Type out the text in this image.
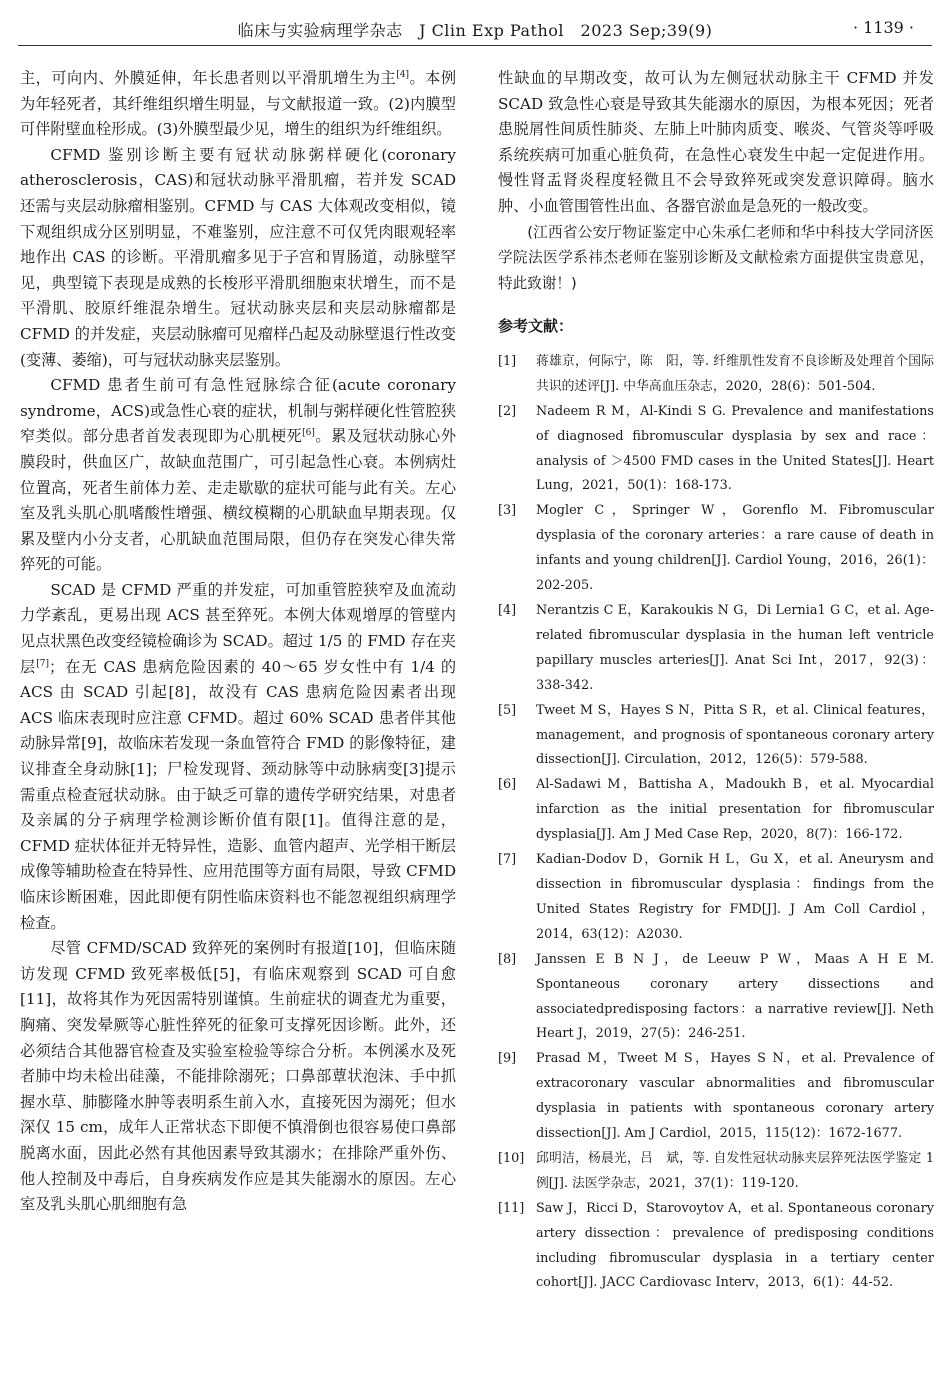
临床与实验病理学杂志　J Clin Exp Pathol　2023 Sep;39(9)	· 1139 ·

主，可向内、外膜延伸，年长患者则以平滑肌增生为主[4]。本例为年轻死者，其纤维组织增生明显，与文献报道一致。(2)内膜型可伴附壁血栓形成。(3)外膜型最少见，增生的组织为纤维组织。

CFMD 鉴别诊断主要有冠状动脉粥样硬化(coronary atherosclerosis，CAS)和冠状动脉平滑肌瘤，若并发 SCAD 还需与夹层动脉瘤相鉴别。CFMD 与 CAS 大体观改变相似，镜下观组织成分区别明显，不难鉴别，应注意不可仅凭肉眼观轻率地作出 CAS 的诊断。平滑肌瘤多见于子宫和胃肠道，动脉壁罕见，典型镜下表现是成熟的长梭形平滑肌细胞束状增生，而不是平滑肌、胶原纤维混杂增生。冠状动脉夹层和夹层动脉瘤都是 CFMD 的并发症，夹层动脉瘤可见瘤样凸起及动脉壁退行性改变(变薄、萎缩)，可与冠状动脉夹层鉴别。

CFMD 患者生前可有急性冠脉综合征(acute coronary syndrome，ACS)或急性心衰的症状，机制与粥样硬化性管腔狭窄类似。部分患者首发表现即为心肌梗死[6]。累及冠状动脉心外膜段时，供血区广，故缺血范围广，可引起急性心衰。本例病灶位置高，死者生前体力差、走走歇歇的症状可能与此有关。左心室及乳头肌心肌嗜酸性增强、横纹模糊的心肌缺血早期表现。仅累及壁内小分支者，心肌缺血范围局限，但仍存在突发心律失常猝死的可能。

SCAD 是 CFMD 严重的并发症，可加重管腔狭窄及血流动力学紊乱，更易出现 ACS 甚至猝死。本例大体观增厚的管壁内见点状黑色改变经镜检确诊为 SCAD。超过 1/5 的 FMD 存在夹层[7]；在无 CAS 患病危险因素的 40～65 岁女性中有 1/4 的 ACS 由 SCAD 引起[8]，故没有 CAS 患病危险因素者出现 ACS 临床表现时应注意 CFMD。超过 60% SCAD 患者伴其他动脉异常[9]，故临床若发现一条血管符合 FMD 的影像特征，建议排查全身动脉[1]；尸检发现肾、颈动脉等中动脉病变[3]提示需重点检查冠状动脉。由于缺乏可靠的遗传学研究结果，对患者及亲属的分子病理学检测诊断价值有限[1]。值得注意的是，CFMD 症状体征并无特异性，造影、血管内超声、光学相干断层成像等辅助检查在特异性、应用范围等方面有局限，导致 CFMD 临床诊断困难，因此即便有阴性临床资料也不能忽视组织病理学检查。

尽管 CFMD/SCAD 致猝死的案例时有报道[10]，但临床随访发现 CFMD 致死率极低[5]，有临床观察到 SCAD 可自愈[11]，故将其作为死因需特别谨慎。生前症状的调查尤为重要，胸痛、突发晕厥等心脏性猝死的征象可支撑死因诊断。此外，还必须结合其他器官检查及实验室检验等综合分析。本例溪水及死者肺中均未检出硅藻，不能排除溺死；口鼻部蕈状泡沫、手中抓握水草、肺膨隆水肿等表明系生前入水，直接死因为溺死；但水深仅 15 cm，成年人正常状态下即便不慎滑倒也很容易使口鼻部脱离水面，因此必然有其他因素导致其溺水；在排除严重外伤、他人控制及中毒后，自身疾病发作应是其失能溺水的原因。左心室及乳头肌心肌细胞有急

性缺血的早期改变，故可认为左侧冠状动脉主干 CFMD 并发 SCAD 致急性心衰是导致其失能溺水的原因，为根本死因；死者患脱屑性间质性肺炎、左肺上叶肺肉质变、喉炎、气管炎等呼吸系统疾病可加重心脏负荷，在急性心衰发生中起一定促进作用。慢性肾盂肾炎程度轻微且不会导致猝死或突发意识障碍。脑水肿、小血管围管性出血、各器官淤血是急死的一般改变。

(江西省公安厅物证鉴定中心朱承仁老师和华中科技大学同济医学院法医学系祎杰老师在鉴别诊断及文献检索方面提供宝贵意见，特此致谢！)

参考文献：
[1]	蒋雄京，何际宁，陈　阳，等. 纤维肌性发育不良诊断及处理首个国际共识的述评[J]. 中华高血压杂志，2020，28(6)：501-504.
[2]	Nadeem R M，Al-Kindi S G. Prevalence and manifestations of diagnosed fibromuscular dysplasia by sex and race：analysis of ＞4500 FMD cases in the United States[J]. Heart Lung，2021，50(1)：168-173.
[3]	Mogler C，Springer W，Gorenflo M. Fibromuscular dysplasia of the coronary arteries：a rare cause of death in infants and young children[J]. Cardiol Young，2016，26(1)：202-205.
[4]	Nerantzis C E，Karakoukis N G，Di Lernia1 G C，et al. Age-related fibromuscular dysplasia in the human left ventricle papillary muscles arteries[J]. Anat Sci Int，2017，92(3)：338-342.
[5]	Tweet M S，Hayes S N，Pitta S R，et al. Clinical features，management，and prognosis of spontaneous coronary artery dissection[J]. Circulation，2012，126(5)：579-588.
[6]	Al-Sadawi M，Battisha A，Madoukh B，et al. Myocardial infarction as the initial presentation for fibromuscular dysplasia[J]. Am J Med Case Rep，2020，8(7)：166-172.
[7]	Kadian-Dodov D，Gornik H L，Gu X，et al. Aneurysm and dissection in fibromuscular dysplasia：findings from the United States Registry for FMD[J]. J Am Coll Cardiol，2014，63(12)：A2030.
[8]	Janssen E B N J，de Leeuw P W，Maas A H E M. Spontaneous coronary artery dissections and associatedpredisposing factors：a narrative review[J]. Neth Heart J，2019，27(5)：246-251.
[9]	Prasad M，Tweet M S，Hayes S N，et al. Prevalence of extracoronary vascular abnormalities and fibromuscular dysplasia in patients with spontaneous coronary artery dissection[J]. Am J Cardiol，2015，115(12)：1672-1677.
[10] 邱明洁，杨晨光，吕　斌，等. 自发性冠状动脉夹层猝死法医学鉴定 1 例[J]. 法医学杂志，2021，37(1)：119-120.
[11] Saw J，Ricci D，Starovoytov A，et al. Spontaneous coronary artery dissection：prevalence of predisposing conditions including fibromuscular dysplasia in a tertiary center cohort[J]. JACC Cardiovasc Interv，2013，6(1)：44-52.
